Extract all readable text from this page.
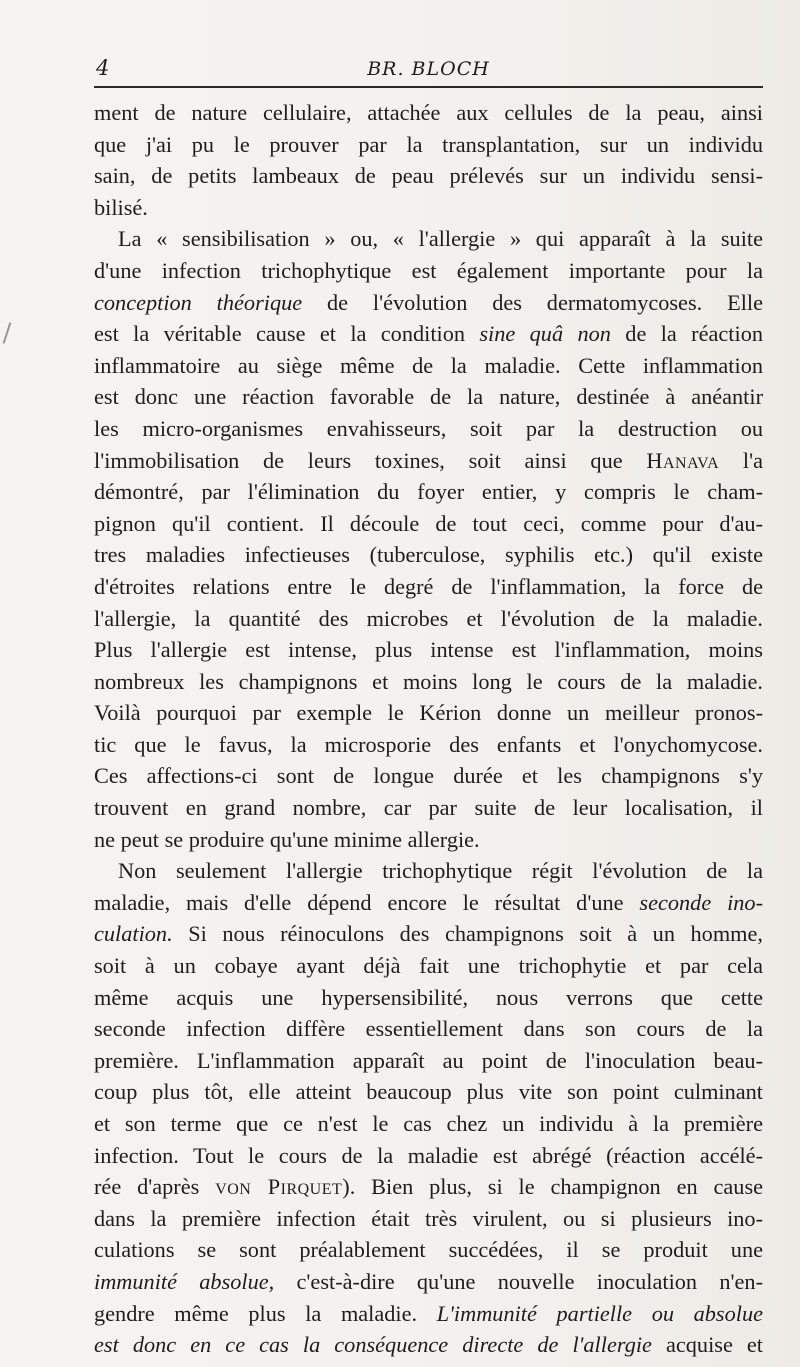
4	BR. BLOCH
ment de nature cellulaire, attachée aux cellules de la peau, ainsi
que j'ai pu le prouver par la transplantation, sur un individu
sain, de petits lambeaux de peau prélevés sur un individu sensi-
bilisé.
La « sensibilisation » ou, « l'allergie » qui apparaît à la suite
d'une infection trichophytique est également importante pour la
conception théorique de l'évolution des dermatomycoses. Elle
est la véritable cause et la condition sine quâ non de la réaction
inflammatoire au siège même de la maladie. Cette inflammation
est donc une réaction favorable de la nature, destinée à anéantir
les micro-organismes envahisseurs, soit par la destruction ou
l'immobilisation de leurs toxines, soit ainsi que Hanava l'a
démontré, par l'élimination du foyer entier, y compris le cham-
pignon qu'il contient. Il découle de tout ceci, comme pour d'au-
tres maladies infectieuses (tuberculose, syphilis etc.) qu'il existe
d'étroites relations entre le degré de l'inflammation, la force de
l'allergie, la quantité des microbes et l'évolution de la maladie.
Plus l'allergie est intense, plus intense est l'inflammation, moins
nombreux les champignons et moins long le cours de la maladie.
Voilà pourquoi par exemple le Kérion donne un meilleur pronos-
tic que le favus, la microsporie des enfants et l'onychomycose.
Ces affections-ci sont de longue durée et les champignons s'y
trouvent en grand nombre, car par suite de leur localisation, il
ne peut se produire qu'une minime allergie.
Non seulement l'allergie trichophytique régit l'évolution de la
maladie, mais d'elle dépend encore le résultat d'une seconde ino-
culation. Si nous réinoculons des champignons soit à un homme,
soit à un cobaye ayant déjà fait une trichophytie et par cela
même acquis une hypersensibilité, nous verrons que cette
seconde infection diffère essentiellement dans son cours de la
première. L'inflammation apparaît au point de l'inoculation beau-
coup plus tôt, elle atteint beaucoup plus vite son point culminant
et son terme que ce n'est le cas chez un individu à la première
infection. Tout le cours de la maladie est abrégé (réaction accélé-
rée d'après von Pirquet). Bien plus, si le champignon en cause
dans la première infection était très virulent, ou si plusieurs ino-
culations se sont préalablement succédées, il se produit une
immunité absolue, c'est-à-dire qu'une nouvelle inoculation n'en-
gendre même plus la maladie. L'immunité partielle ou absolue
est donc en ce cas la conséquence directe de l'allergie acquise et
